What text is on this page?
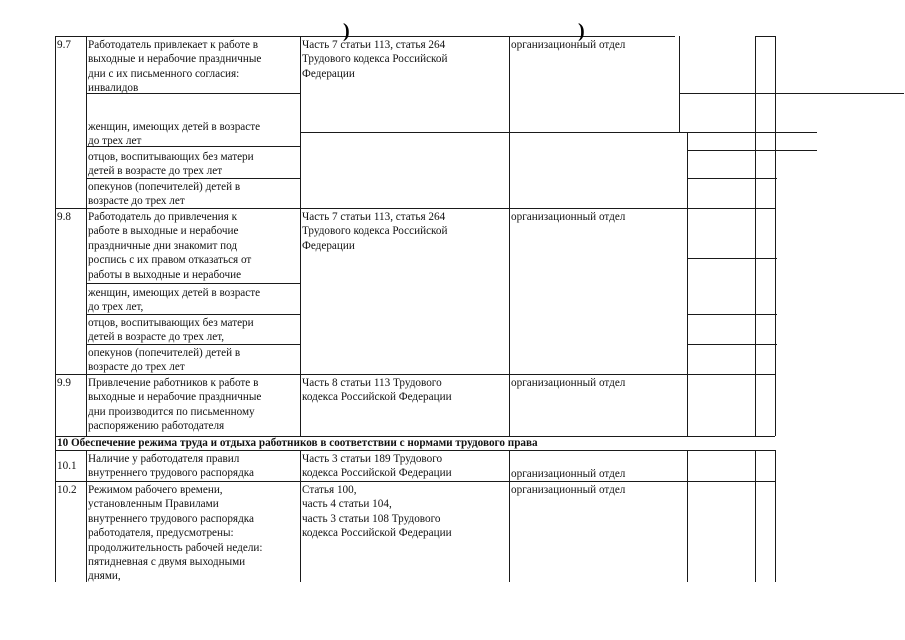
)	)
9.7 Работодатель привлекает к работе в
выходные и нерабочие праздничные
дни с их письменного согласия:
инвалидов
женщин, имеющих детей в возрасте
до трех лет
отцов, воспитывающих без матери
детей в возрасте до трех лет
опекунов (попечителей) детей в
возрасте до трех лет
Часть 7 статьи 113, статья 264
Трудового кодекса Российской
Федерации
организационный отдел
9.8 Работодатель до привлечения к
работе в выходные и нерабочие
праздничные дни знакомит под
роспись с их правом отказаться от
работы в выходные и нерабочие
женщин, имеющих детей в возрасте
до трех лет,
отцов, воспитывающих без матери
детей в возрасте до трех лет,
опекунов (попечителей) детей в
возрасте до трех лет
Часть 7 статьи 113, статья 264
Трудового кодекса Российской
Федерации
организационный отдел
9.9 Привлечение работников к работе в
выходные и нерабочие праздничные
дни производится по письменному
распоряжению работодателя
Часть 8 статьи 113 Трудового
кодекса Российской Федерации
организационный отдел
10 Обеспечение режима труда и отдыха работников в соответствии с нормами трудового права
10.1
Наличие у работодателя правил
внутреннего трудового распорядка
Часть 3 статьи 189 Трудового
кодекса Российской Федерации	организационный отдел
10.2 Режимом рабочего времени,
установленным Правилами
внутреннего трудового распорядка
работодателя, предусмотрены:
продолжительность рабочей недели:
пятидневная с двумя выходными
днями,
Статья 100,
часть 4 статьи 104,
часть 3 статьи 108 Трудового
кодекса Российской Федерации
организационный отдел
